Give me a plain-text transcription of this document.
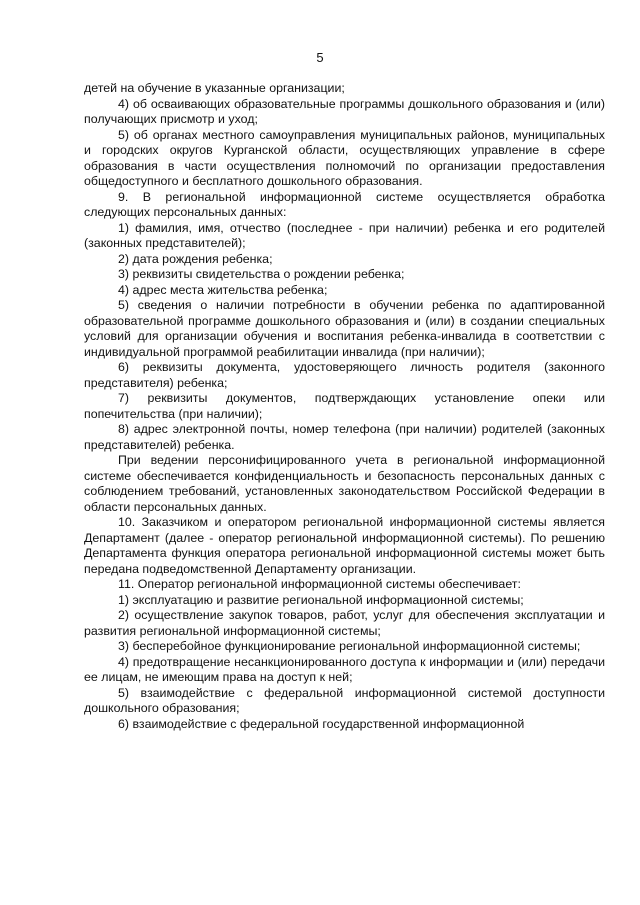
5

детей на обучение в указанные организации;

4) об осваивающих образовательные программы дошкольного образования и (или) получающих присмотр и уход;

5) об органах местного самоуправления муниципальных районов, муниципальных и городских округов Курганской области, осуществляющих управление в сфере образования в части осуществления полномочий по организации предоставления общедоступного и бесплатного дошкольного образования.

9. В региональной информационной системе осуществляется обработка следующих персональных данных:

1) фамилия, имя, отчество (последнее - при наличии) ребенка и его родителей (законных представителей);

2) дата рождения ребенка;

3) реквизиты свидетельства о рождении ребенка;

4) адрес места жительства ребенка;

5) сведения о наличии потребности в обучении ребенка по адаптированной образовательной программе дошкольного образования и (или) в создании специальных условий для организации обучения и воспитания ребенка-инвалида в соответствии с индивидуальной программой реабилитации инвалида (при наличии);

6) реквизиты документа, удостоверяющего личность родителя (законного представителя) ребенка;

7) реквизиты документов, подтверждающих установление опеки или попечительства (при наличии);

8) адрес электронной почты, номер телефона (при наличии) родителей (законных представителей) ребенка.

При ведении персонифицированного учета в региональной информационной системе обеспечивается конфиденциальность и безопасность персональных данных с соблюдением требований, установленных законодательством Российской Федерации в области персональных данных.

10. Заказчиком и оператором региональной информационной системы является Департамент (далее - оператор региональной информационной системы). По решению Департамента функция оператора региональной информационной системы может быть передана подведомственной Департаменту организации.

11. Оператор региональной информационной системы обеспечивает:

1) эксплуатацию и развитие региональной информационной системы;

2) осуществление закупок товаров, работ, услуг для обеспечения эксплуатации и развития региональной информационной системы;

3) бесперебойное функционирование региональной информационной системы;

4) предотвращение несанкционированного доступа к информации и (или) передачи ее лицам, не имеющим права на доступ к ней;

5) взаимодействие с федеральной информационной системой доступности дошкольного образования;

6) взаимодействие с федеральной государственной информационной
